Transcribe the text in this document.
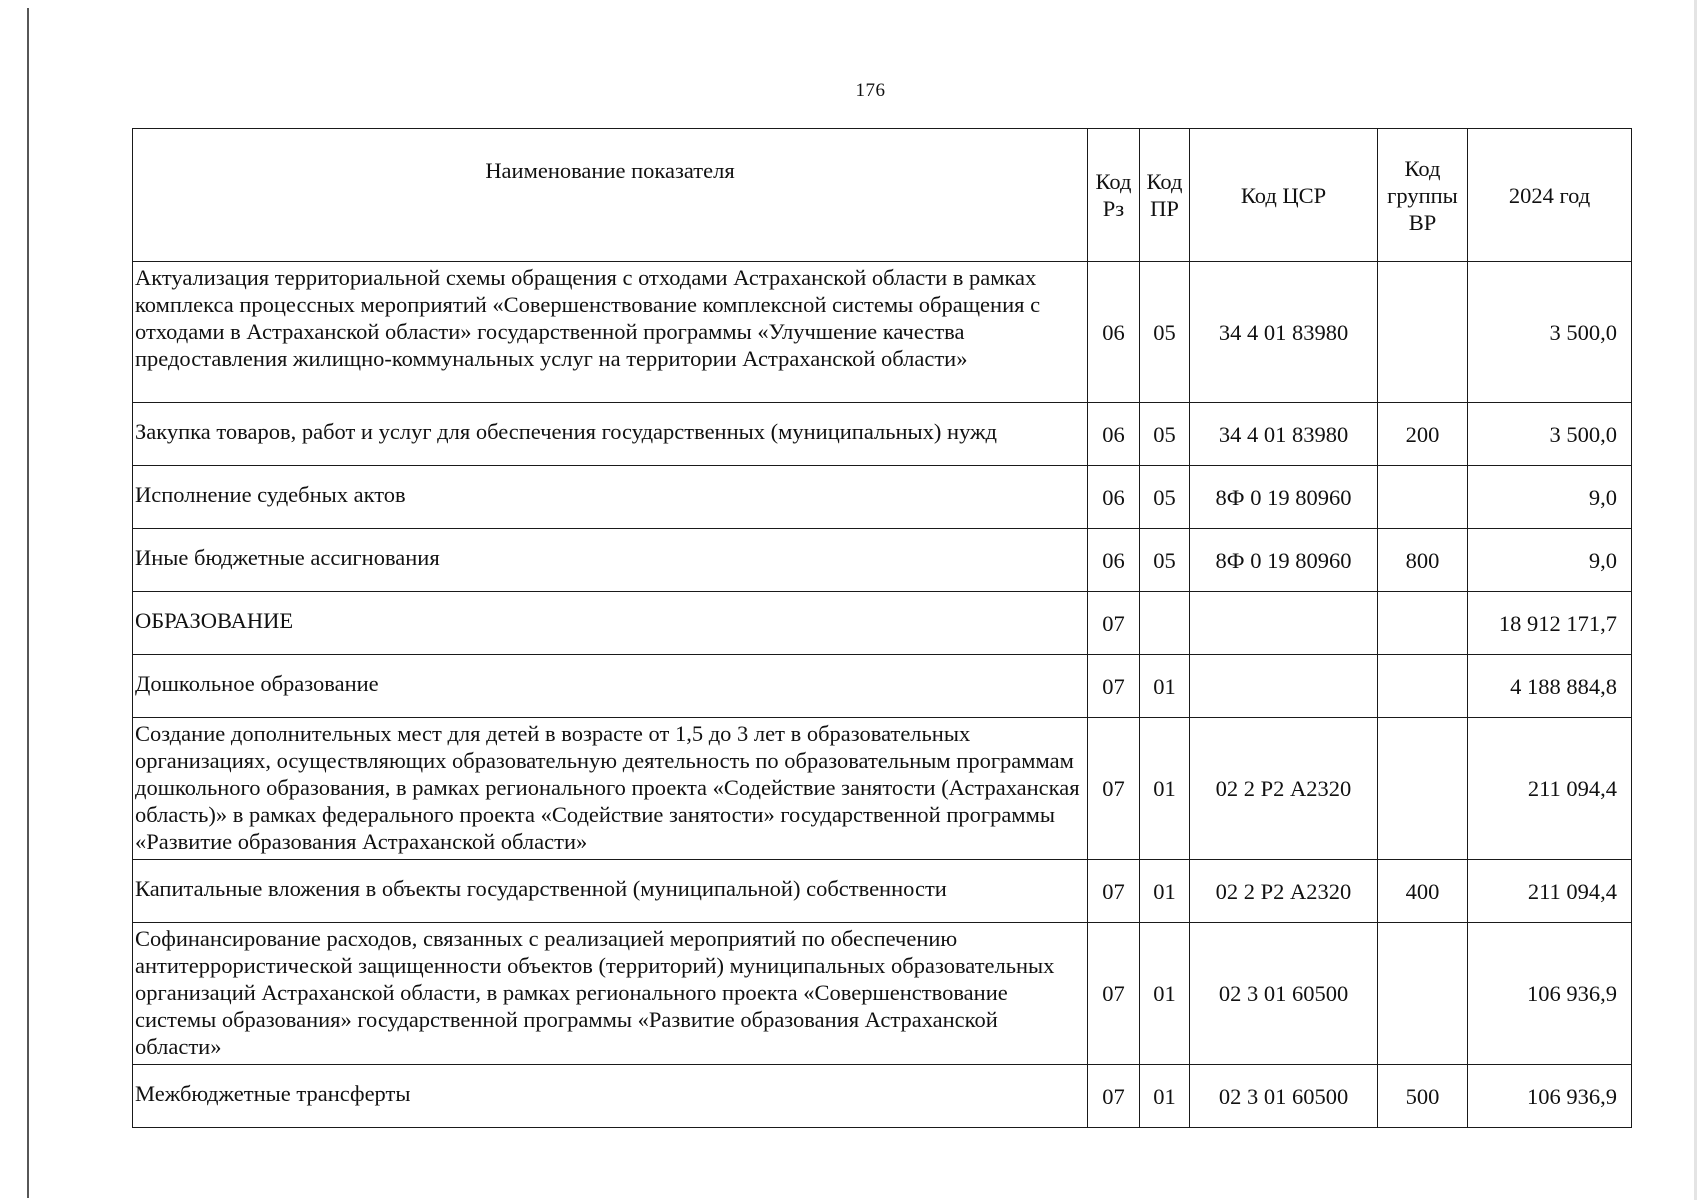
176
Наименование показателя	Код Рз	Код ПР	Код ЦСР	Код группы ВР	2024 год
Актуализация территориальной схемы обращения с отходами Астраханской области в рамках комплекса процессных мероприятий «Совершенствование комплексной системы обращения с отходами в Астраханской области» государственной программы «Улучшение качества предоставления жилищно-коммунальных услуг на территории Астраханской области»	06	05	34 4 01 83980		3 500,0
Закупка товаров, работ и услуг для обеспечения государственных (муниципальных) нужд	06	05	34 4 01 83980	200	3 500,0
Исполнение судебных актов	06	05	8Ф 0 19 80960		9,0
Иные бюджетные ассигнования	06	05	8Ф 0 19 80960	800	9,0
ОБРАЗОВАНИЕ	07				18 912 171,7
Дошкольное образование	07	01			4 188 884,8
Создание дополнительных мест для детей в возрасте от 1,5 до 3 лет в образовательных организациях, осуществляющих образовательную деятельность по образовательным программам дошкольного образования, в рамках регионального проекта «Содействие занятости (Астраханская область)» в рамках федерального проекта «Содействие занятости» государственной программы «Развитие образования Астраханской области»	07	01	02 2 Р2 А2320		211 094,4
Капитальные вложения в объекты государственной (муниципальной) собственности	07	01	02 2 Р2 А2320	400	211 094,4
Софинансирование расходов, связанных с реализацией мероприятий по обеспечению антитеррористической защищенности объектов (территорий) муниципальных образовательных организаций Астраханской области, в рамках регионального проекта «Совершенствование системы образования» государственной программы «Развитие образования Астраханской области»	07	01	02 3 01 60500		106 936,9
Межбюджетные трансферты	07	01	02 3 01 60500	500	106 936,9
